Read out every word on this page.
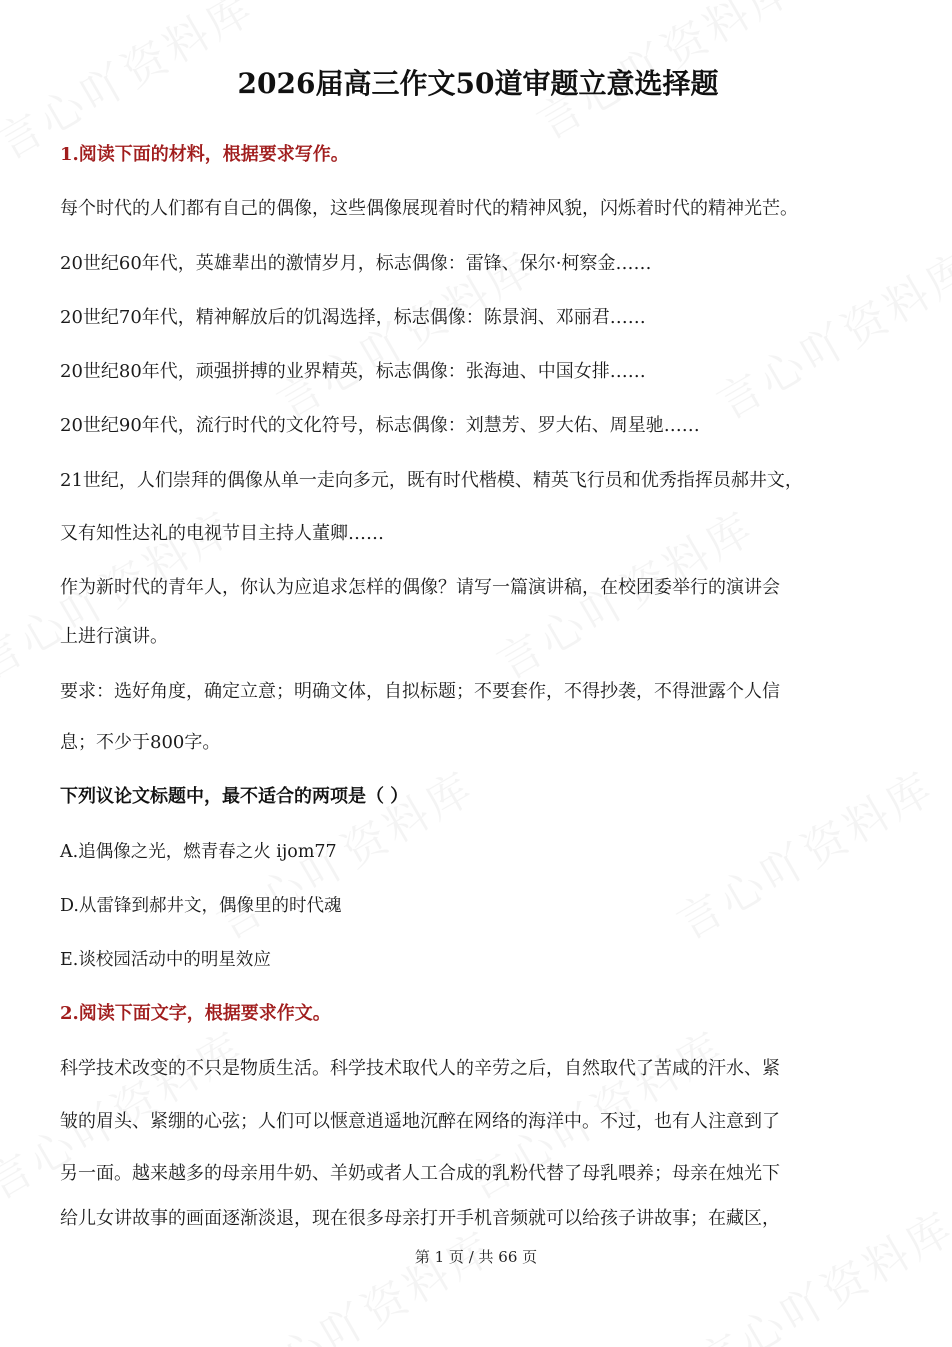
2026届高三作文50道审题立意选择题
1.阅读下面的材料，根据要求写作。
每个时代的人们都有自己的偶像，这些偶像展现着时代的精神风貌，闪烁着时代的精神光芒。
20世纪60年代，英雄辈出的激情岁月，标志偶像：雷锋、保尔·柯察金……
20世纪70年代，精神解放后的饥渴选择，标志偶像：陈景润、邓丽君……
20世纪80年代，顽强拼搏的业界精英，标志偶像：张海迪、中国女排……
20世纪90年代，流行时代的文化符号，标志偶像：刘慧芳、罗大佑、周星驰……
21世纪，人们崇拜的偶像从单一走向多元，既有时代楷模、精英飞行员和优秀指挥员郝井文，
又有知性达礼的电视节目主持人董卿……
作为新时代的青年人，你认为应追求怎样的偶像？请写一篇演讲稿，在校团委举行的演讲会
上进行演讲。
要求：选好角度，确定立意；明确文体，自拟标题；不要套作，不得抄袭，不得泄露个人信
息；不少于800字。
下列议论文标题中，最不适合的两项是（ ）
A.追偶像之光，燃青春之火 ijom77
D.从雷锋到郝井文，偶像里的时代魂
E.谈校园活动中的明星效应
2.阅读下面文字，根据要求作文。
科学技术改变的不只是物质生活。科学技术取代人的辛劳之后，自然取代了苦咸的汗水、紧
皱的眉头、紧绷的心弦；人们可以惬意逍遥地沉醉在网络的海洋中。不过，也有人注意到了
另一面。越来越多的母亲用牛奶、羊奶或者人工合成的乳粉代替了母乳喂养；母亲在烛光下
给儿女讲故事的画面逐渐淡退，现在很多母亲打开手机音频就可以给孩子讲故事；在藏区，
第 1 页 / 共 66 页
